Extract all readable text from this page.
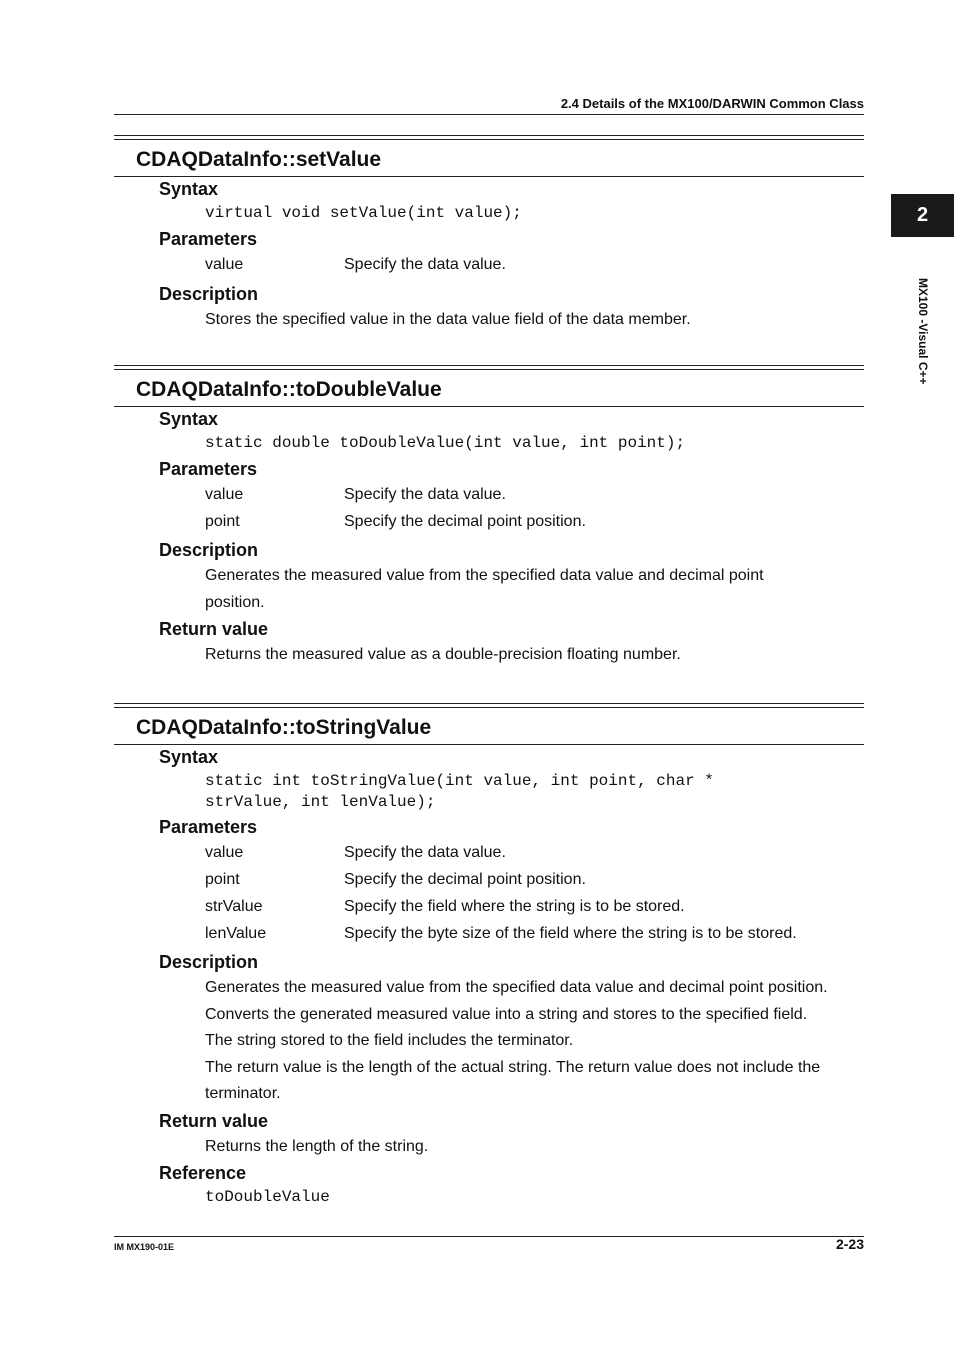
2.4 Details of the MX100/DARWIN Common Class
2
MX100 -Visual C++
CDAQDataInfo::setValue
Syntax
virtual void setValue(int value);
Parameters
value	Specify the data value.
Description
Stores the specified value in the data value field of the data member.
CDAQDataInfo::toDoubleValue
Syntax
static double toDoubleValue(int value, int point);
Parameters
value	Specify the data value.
point	Specify the decimal point position.
Description
Generates the measured value from the specified data value and decimal point position.
Return value
Returns the measured value as a double-precision floating number.
CDAQDataInfo::toStringValue
Syntax
static int toStringValue(int value, int point, char *
strValue, int lenValue);
Parameters
value	Specify the data value.
point	Specify the decimal point position.
strValue	Specify the field where the string is to be stored.
lenValue	Specify the byte size of the field where the string is to be stored.
Description
Generates the measured value from the specified data value and decimal point position. Converts the generated measured value into a string and stores to the specified field. The string stored to the field includes the terminator.
The return value is the length of the actual string. The return value does not include the terminator.
Return value
Returns the length of the string.
Reference
toDoubleValue
IM MX190-01E	2-23
